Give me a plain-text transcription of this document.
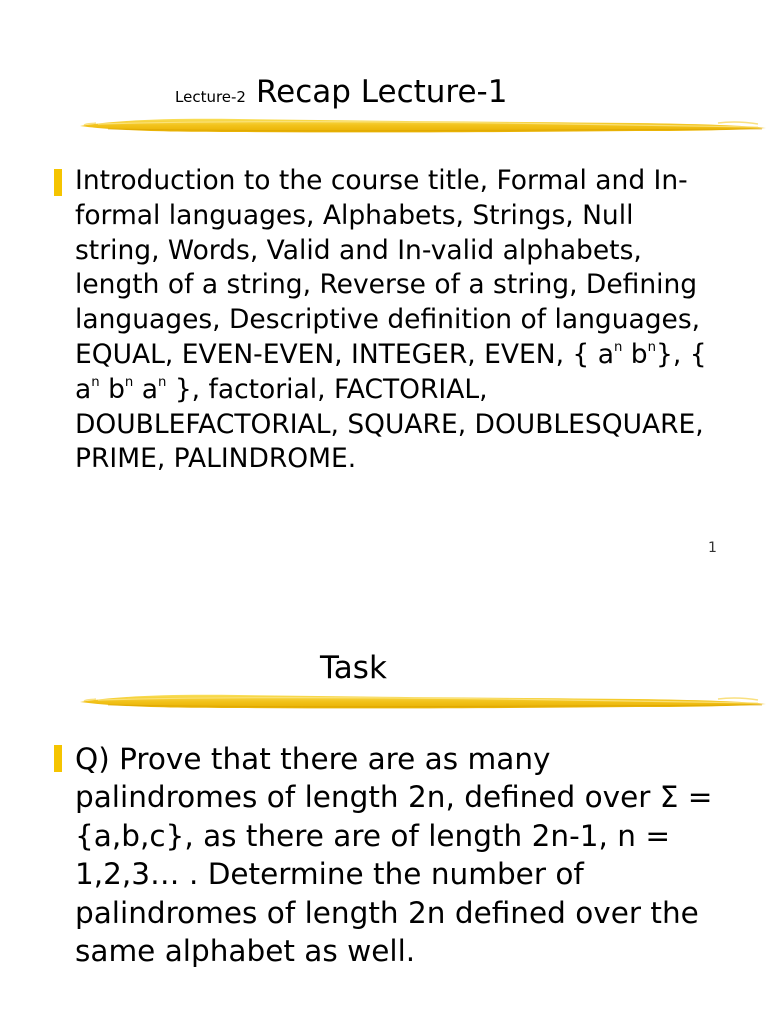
Lecture-2 Recap Lecture-1

Introduction to the course title, Formal and In-formal languages, Alphabets, Strings, Null string, Words, Valid and In-valid alphabets, length of a string, Reverse of a string, Defining languages, Descriptive definition of languages, EQUAL, EVEN-EVEN, INTEGER, EVEN, { $a^n$ $b^n$}, { $a^n$ $b^n$ $a^n$ }, factorial, FACTORIAL, DOUBLEFACTORIAL, SQUARE, DOUBLESQUARE, PRIME, PALINDROME.

1
Task

Q) Prove that there are as many palindromes of length 2n, defined over Σ = {a,b,c}, as there are of length 2n-1, n = 1,2,3… . Determine the number of palindromes of length 2n defined over the same alphabet as well.
